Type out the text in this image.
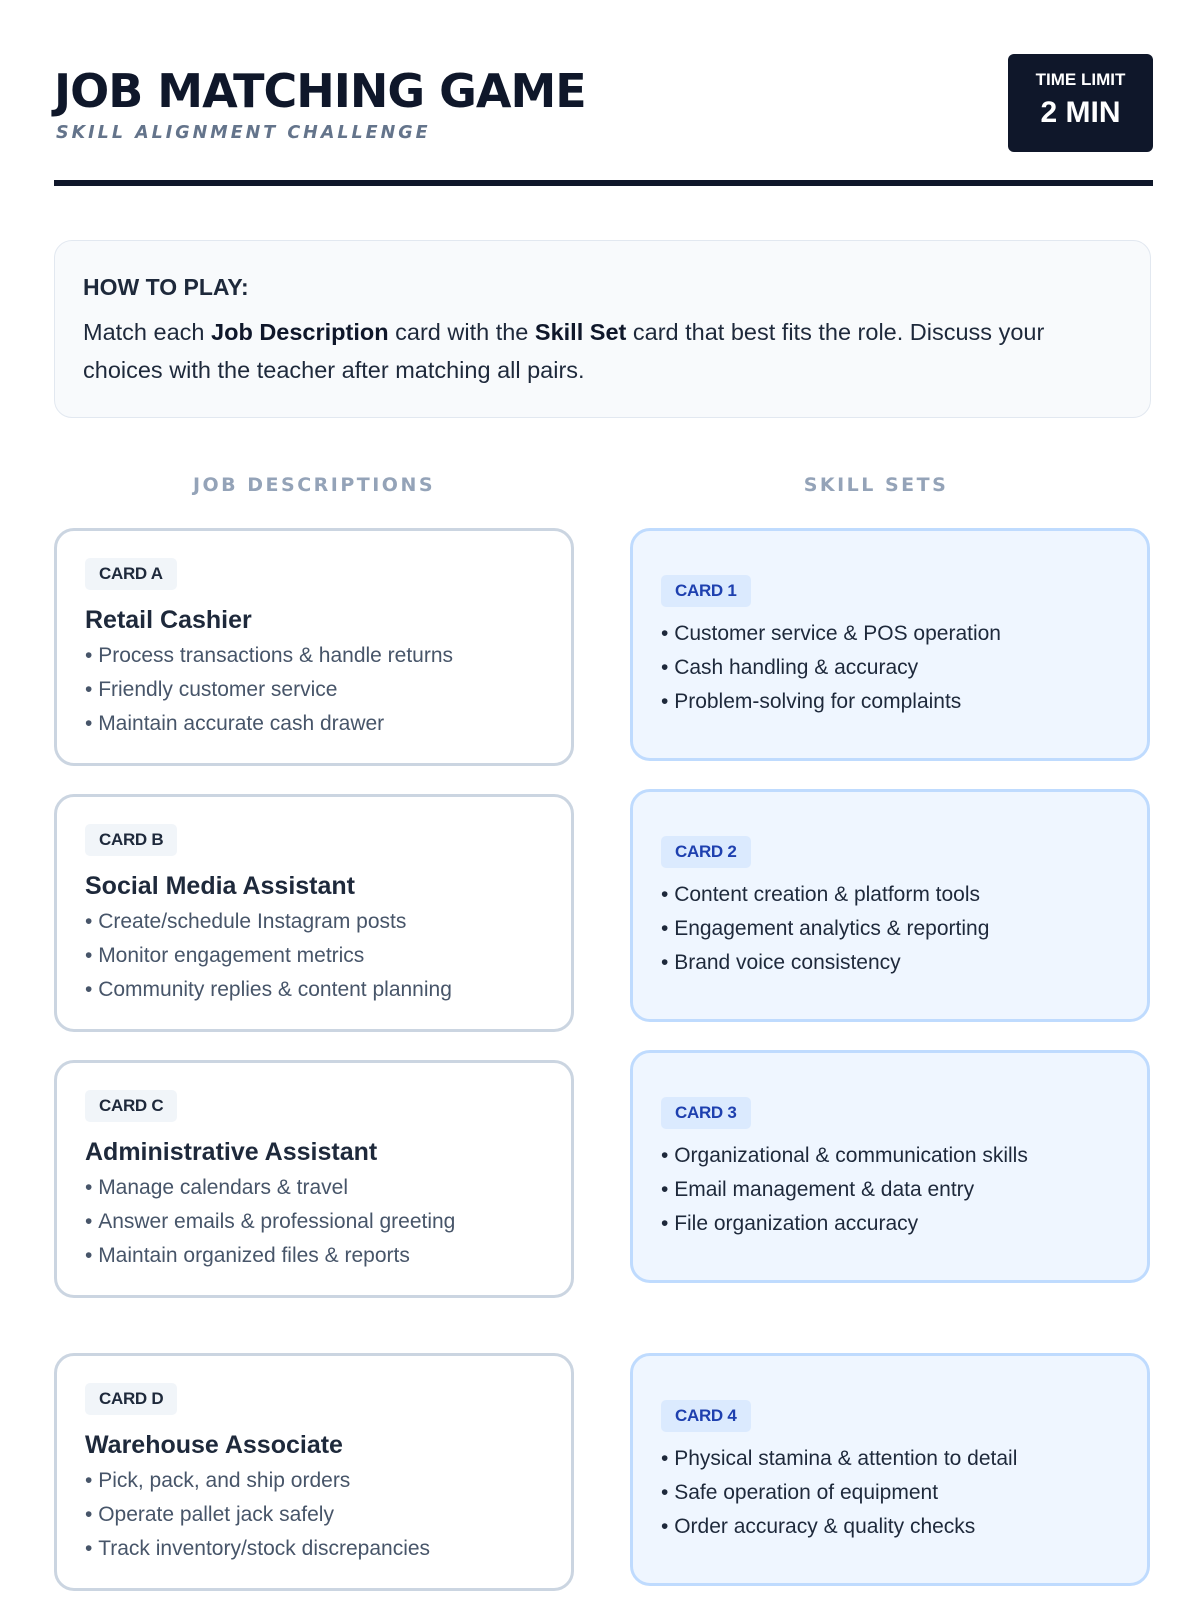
JOB MATCHING GAME
SKILL ALIGNMENT CHALLENGE
TIME LIMIT
2 MIN
HOW TO PLAY:
Match each Job Description card with the Skill Set card that best fits the role. Discuss your choices with the teacher after matching all pairs.
JOB DESCRIPTIONS	SKILL SETS
CARD A
Retail Cashier
• Process transactions & handle returns
• Friendly customer service
• Maintain accurate cash drawer
CARD B
Social Media Assistant
• Create/schedule Instagram posts
• Monitor engagement metrics
• Community replies & content planning
CARD C
Administrative Assistant
• Manage calendars & travel
• Answer emails & professional greeting
• Maintain organized files & reports
CARD D
Warehouse Associate
• Pick, pack, and ship orders
• Operate pallet jack safely
• Track inventory/stock discrepancies
CARD 1
• Customer service & POS operation
• Cash handling & accuracy
• Problem-solving for complaints
CARD 2
• Content creation & platform tools
• Engagement analytics & reporting
• Brand voice consistency
CARD 3
• Organizational & communication skills
• Email management & data entry
• File organization accuracy
CARD 4
• Physical stamina & attention to detail
• Safe operation of equipment
• Order accuracy & quality checks
